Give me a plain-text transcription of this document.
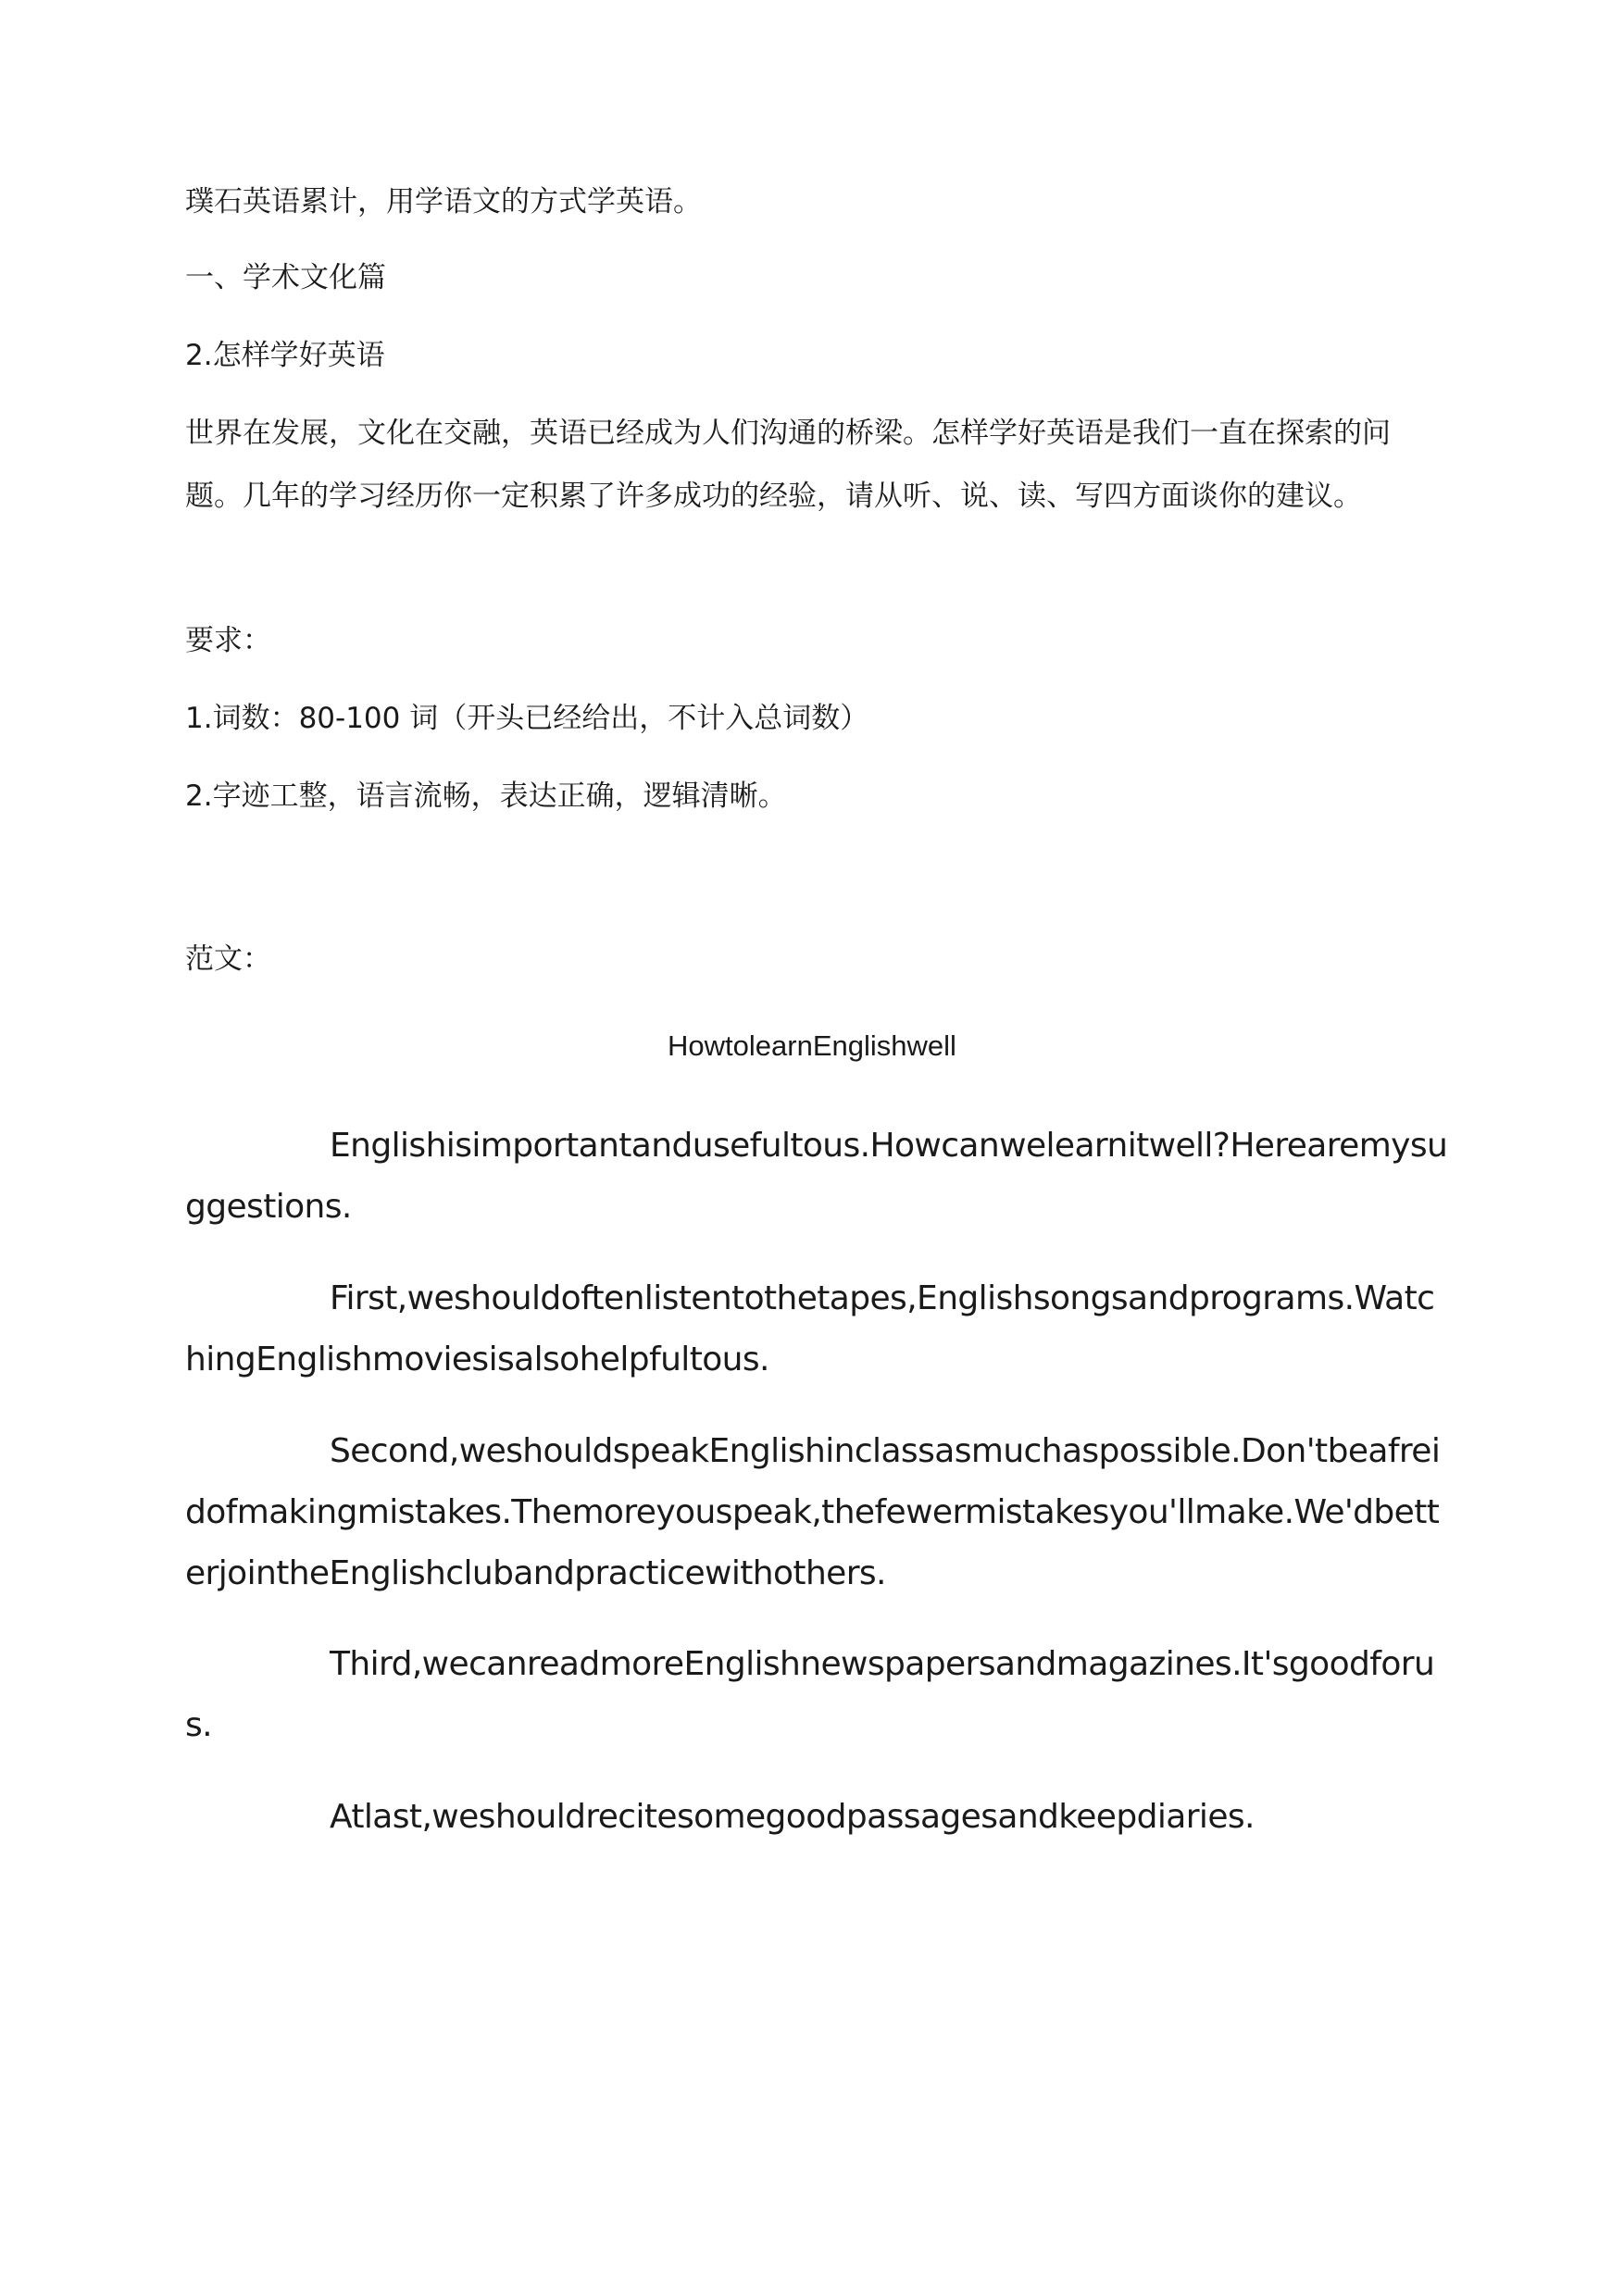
璞石英语累计，用学语文的方式学英语。
一、学术文化篇
2.怎样学好英语
世界在发展，文化在交融，英语已经成为人们沟通的桥梁。怎样学好英语是我们一直在探索的问题。几年的学习经历你一定积累了许多成功的经验，请从听、说、读、写四方面谈你的建议。
要求：
1.词数：80-100 词（开头已经给出，不计入总词数）
2.字迹工整，语言流畅，表达正确，逻辑清晰。
范文：
HowtolearnEnglishwell
Englishisimportantandusefultous.Howcanwelearnitwell?Herearemysuggestions.
First,weshouldoftenlistentothetapes,Englishsongsandprograms.WatchingEnglishmoviesisalsohelpfultous.
Second,weshouldspeakEnglishinclassasmuchaspossible.Don'tbeafreidofmakingmistakes.Themoreyouspeak,thefewermistakesyou'llmake.We'dbetterjointheEnglishclubandpracticewithothers.
Third,wecanreadmoreEnglishnewspapersandmagazines.It'sgoodforus.
Atlast,weshouldrecitesomegoodpassagesandkeepdiaries.
